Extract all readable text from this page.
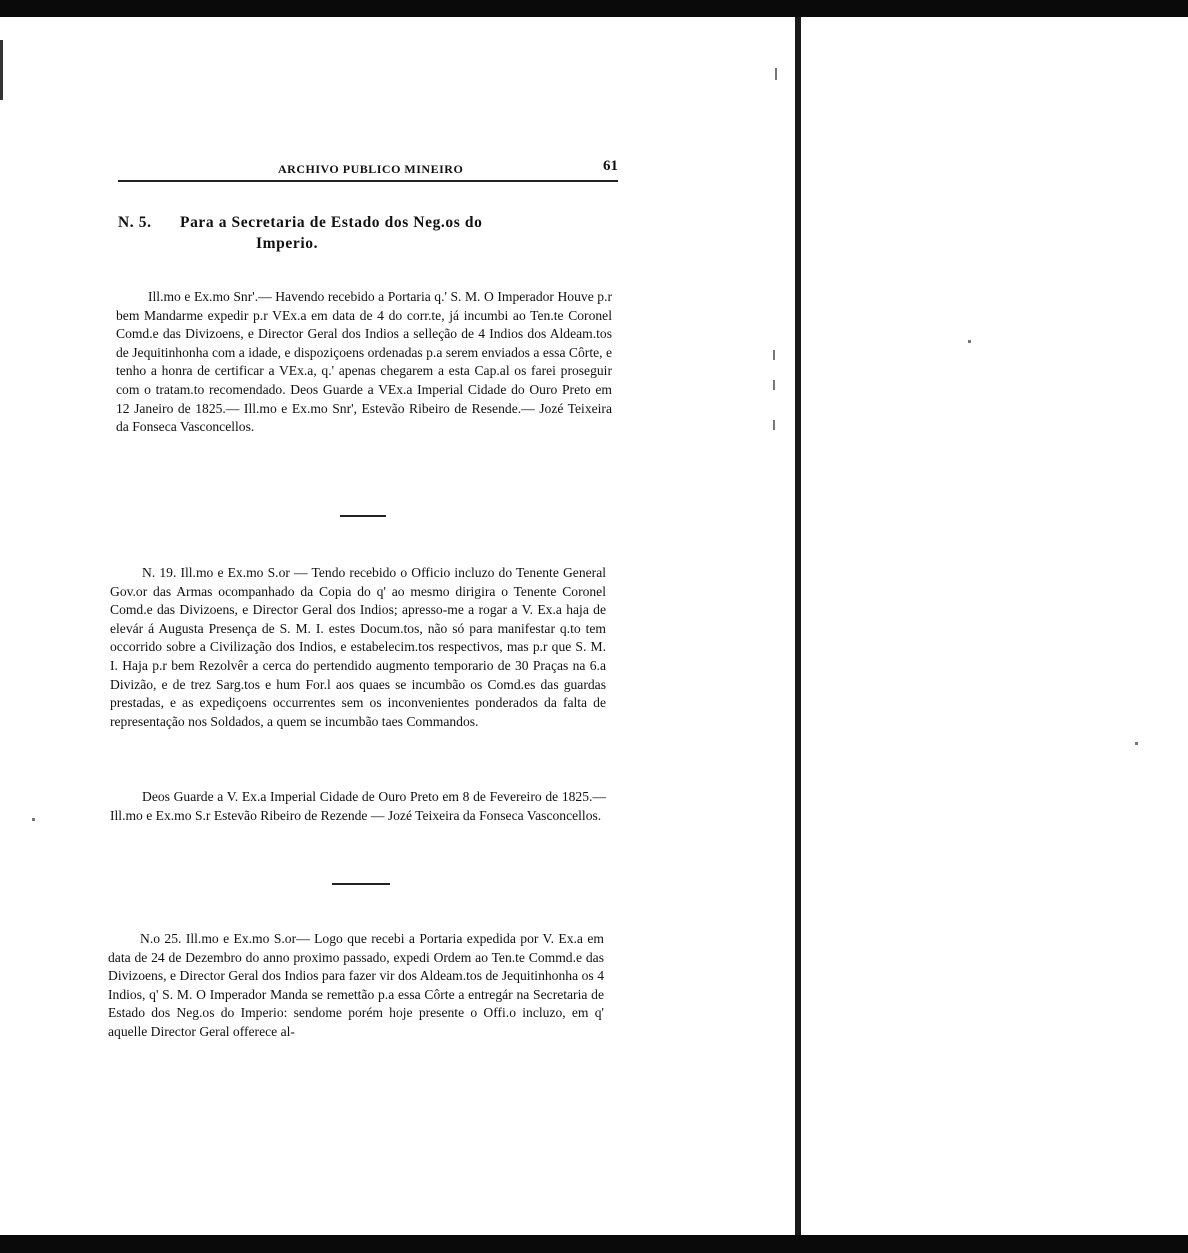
ARCHIVO PUBLICO MINEIRO	61
N. 5. Para a Secretaria de Estado dos Neg.os do
Imperio.

Ill.mo e Ex.mo Snr'.— Havendo recebido a Portaria q.' S. M. O Imperador Houve p.r bem Mandarme expedir p.r VEx.a em data de 4 do corr.te, já incumbi ao Ten.te Coronel Comd.e das Divizoens, e Director Geral dos Indios a selleção de 4 Indios dos Aldeam.tos de Jequitinhonha com a idade, e dispoziçoens ordenadas p.a serem enviados a essa Côrte, e tenho a honra de certificar a VEx.a, q.' apenas chegarem a esta Cap.al os farei proseguir com o tratam.to recomendado. Deos Guarde a VEx.a Imperial Cidade do Ouro Preto em 12 Janeiro de 1825.— Ill.mo e Ex.mo Snr', Estevão Ribeiro de Resende.— Jozé Teixeira da Fonseca Vasconcellos.

N. 19. Ill.mo e Ex.mo S.or — Tendo recebido o Officio incluzo do Tenente General Gov.or das Armas ocompanhado da Copia do q' ao mesmo dirigira o Tenente Coronel Comd.e das Divizoens, e Director Geral dos Indios; apresso-me a rogar a V. Ex.a haja de elevár á Augusta Presença de S. M. I. estes Docum.tos, não só para manifestar q.to tem occorrido sobre a Civilização dos Indios, e estabelecim.tos respectivos, mas p.r que S. M. I. Haja p.r bem Rezolvêr a cerca do pertendido augmento temporario de 30 Praças na 6.a Divizão, e de trez Sarg.tos e hum For.l aos quaes se incumbão os Comd.es das guardas prestadas, e as expediçoens occurrentes sem os inconvenientes ponderados da falta de representação nos Soldados, a quem se incumbão taes Commandos.

Deos Guarde a V. Ex.a Imperial Cidade de Ouro Preto em 8 de Fevereiro de 1825.— Ill.mo e Ex.mo S.r Estevão Ribeiro de Rezende — Jozé Teixeira da Fonseca Vasconcellos.

N.o 25. Ill.mo e Ex.mo S.or— Logo que recebi a Portaria expedida por V. Ex.a em data de 24 de Dezembro do anno proximo passado, expedi Ordem ao Ten.te Commd.e das Divizoens, e Director Geral dos Indios para fazer vir dos Aldeam.tos de Jequitinhonha os 4 Indios, q' S. M. O Imperador Manda se remettão p.a essa Côrte a entregár na Secretaria de Estado dos Neg.os do Imperio: sendome porém hoje presente o Offi.o incluzo, em q' aquelle Director Geral offerece al-
